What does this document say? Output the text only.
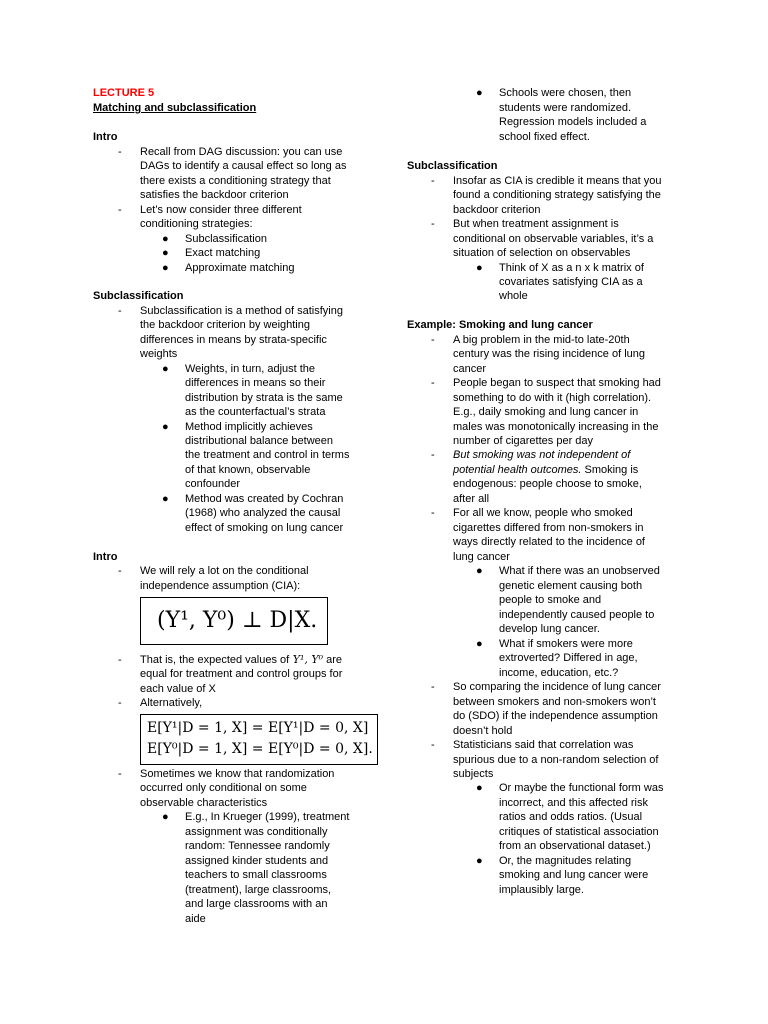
LECTURE 5
Matching and subclassification
Intro
- Recall from DAG discussion: you can use
DAGs to identify a causal effect so long as
there exists a conditioning strategy that
satisfies the backdoor criterion
- Let’s now consider three different
conditioning strategies:
● Subclassification
● Exact matching
● Approximate matching
Subclassification
- Subclassification is a method of satisfying
the backdoor criterion by weighting
differences in means by strata-specific
weights
● Weights, in turn, adjust the
differences in means so their
distribution by strata is the same
as the counterfactual’s strata
● Method implicitly achieves
distributional balance between
the treatment and control in terms
of that known, observable
confounder
● Method was created by Cochran
(1968) who analyzed the causal
effect of smoking on lung cancer
Intro
- We will rely a lot on the conditional
independence assumption (CIA):
- That is, the expected values of Y¹, Y⁰ are
equal for treatment and control groups for
each value of X
- Alternatively,
- Sometimes we know that randomization
occurred only conditional on some
observable characteristics
● E.g., In Krueger (1999), treatment
assignment was conditionally
random: Tennessee randomly
assigned kinder students and
teachers to small classrooms
(treatment), large classrooms,
and large classrooms with an
aide
● Schools were chosen, then
students were randomized.
Regression models included a
school fixed effect.
Subclassification
- Insofar as CIA is credible it means that you
found a conditioning strategy satisfying the
backdoor criterion
- But when treatment assignment is
conditional on observable variables, it’s a
situation of selection on observables
● Think of X as a n x k matrix of
covariates satisfying CIA as a
whole
Example: Smoking and lung cancer
- A big problem in the mid-to late-20th
century was the rising incidence of lung
cancer
- People began to suspect that smoking had
something to do with it (high correlation).
E.g., daily smoking and lung cancer in
males was monotonically increasing in the
number of cigarettes per day
- But smoking was not independent of
potential health outcomes. Smoking is
endogenous: people choose to smoke,
after all
- For all we know, people who smoked
cigarettes differed from non-smokers in
ways directly related to the incidence of
lung cancer
● What if there was an unobserved
genetic element causing both
people to smoke and
independently caused people to
develop lung cancer.
● What if smokers were more
extroverted? Differed in age,
income, education, etc.?
- So comparing the incidence of lung cancer
between smokers and non-smokers won’t
do (SDO) if the independence assumption
doesn’t hold
- Statisticians said that correlation was
spurious due to a non-random selection of
subjects
● Or maybe the functional form was
incorrect, and this affected risk
ratios and odds ratios. (Usual
critiques of statistical association
from an observational dataset.)
● Or, the magnitudes relating
smoking and lung cancer were
implausibly large.
(Y¹, Y⁰) ⊥ D|X.
E[Y¹|D = 1, X] = E[Y¹|D = 0, X]
E[Y⁰|D = 1, X] = E[Y⁰|D = 0, X].
